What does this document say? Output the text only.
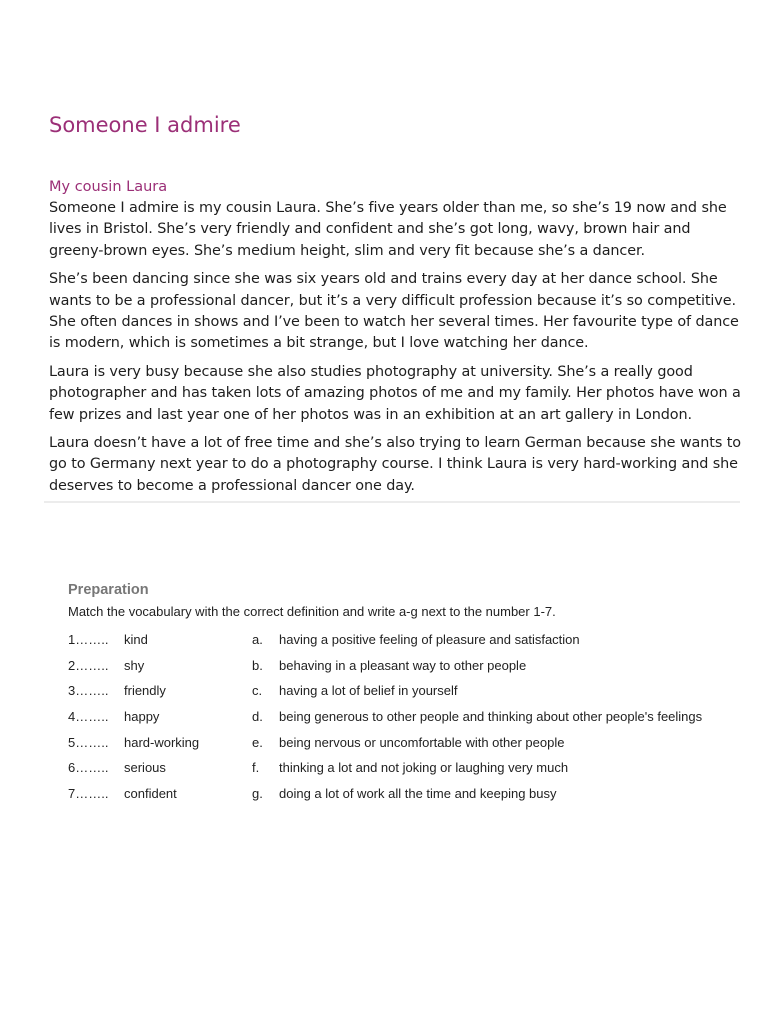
Someone I admire
My cousin Laura

Someone I admire is my cousin Laura. She’s five years older than me, so she’s 19 now and she lives in Bristol. She’s very friendly and confident and she’s got long, wavy, brown hair and greeny-brown eyes. She’s medium height, slim and very fit because she’s a dancer.

She’s been dancing since she was six years old and trains every day at her dance school. She wants to be a professional dancer, but it’s a very difficult profession because it’s so competitive. She often dances in shows and I’ve been to watch her several times. Her favourite type of dance is modern, which is sometimes a bit strange, but I love watching her dance.

Laura is very busy because she also studies photography at university. She’s a really good photographer and has taken lots of amazing photos of me and my family. Her photos have won a few prizes and last year one of her photos was in an exhibition at an art gallery in London.

Laura doesn’t have a lot of free time and she’s also trying to learn German because she wants to go to Germany next year to do a photography course. I think Laura is very hard-working and she deserves to become a professional dancer one day.

Preparation

Match the vocabulary with the correct definition and write a-g next to the number 1-7.

1…….. kind	a. having a positive feeling of pleasure and satisfaction
2…….. shy	b. behaving in a pleasant way to other people
3…….. friendly	c. having a lot of belief in yourself
4…….. happy	d. being generous to other people and thinking about other people's feelings
5…….. hard-working	e. being nervous or uncomfortable with other people
6…….. serious	f. thinking a lot and not joking or laughing very much
7…….. confident	g. doing a lot of work all the time and keeping busy
